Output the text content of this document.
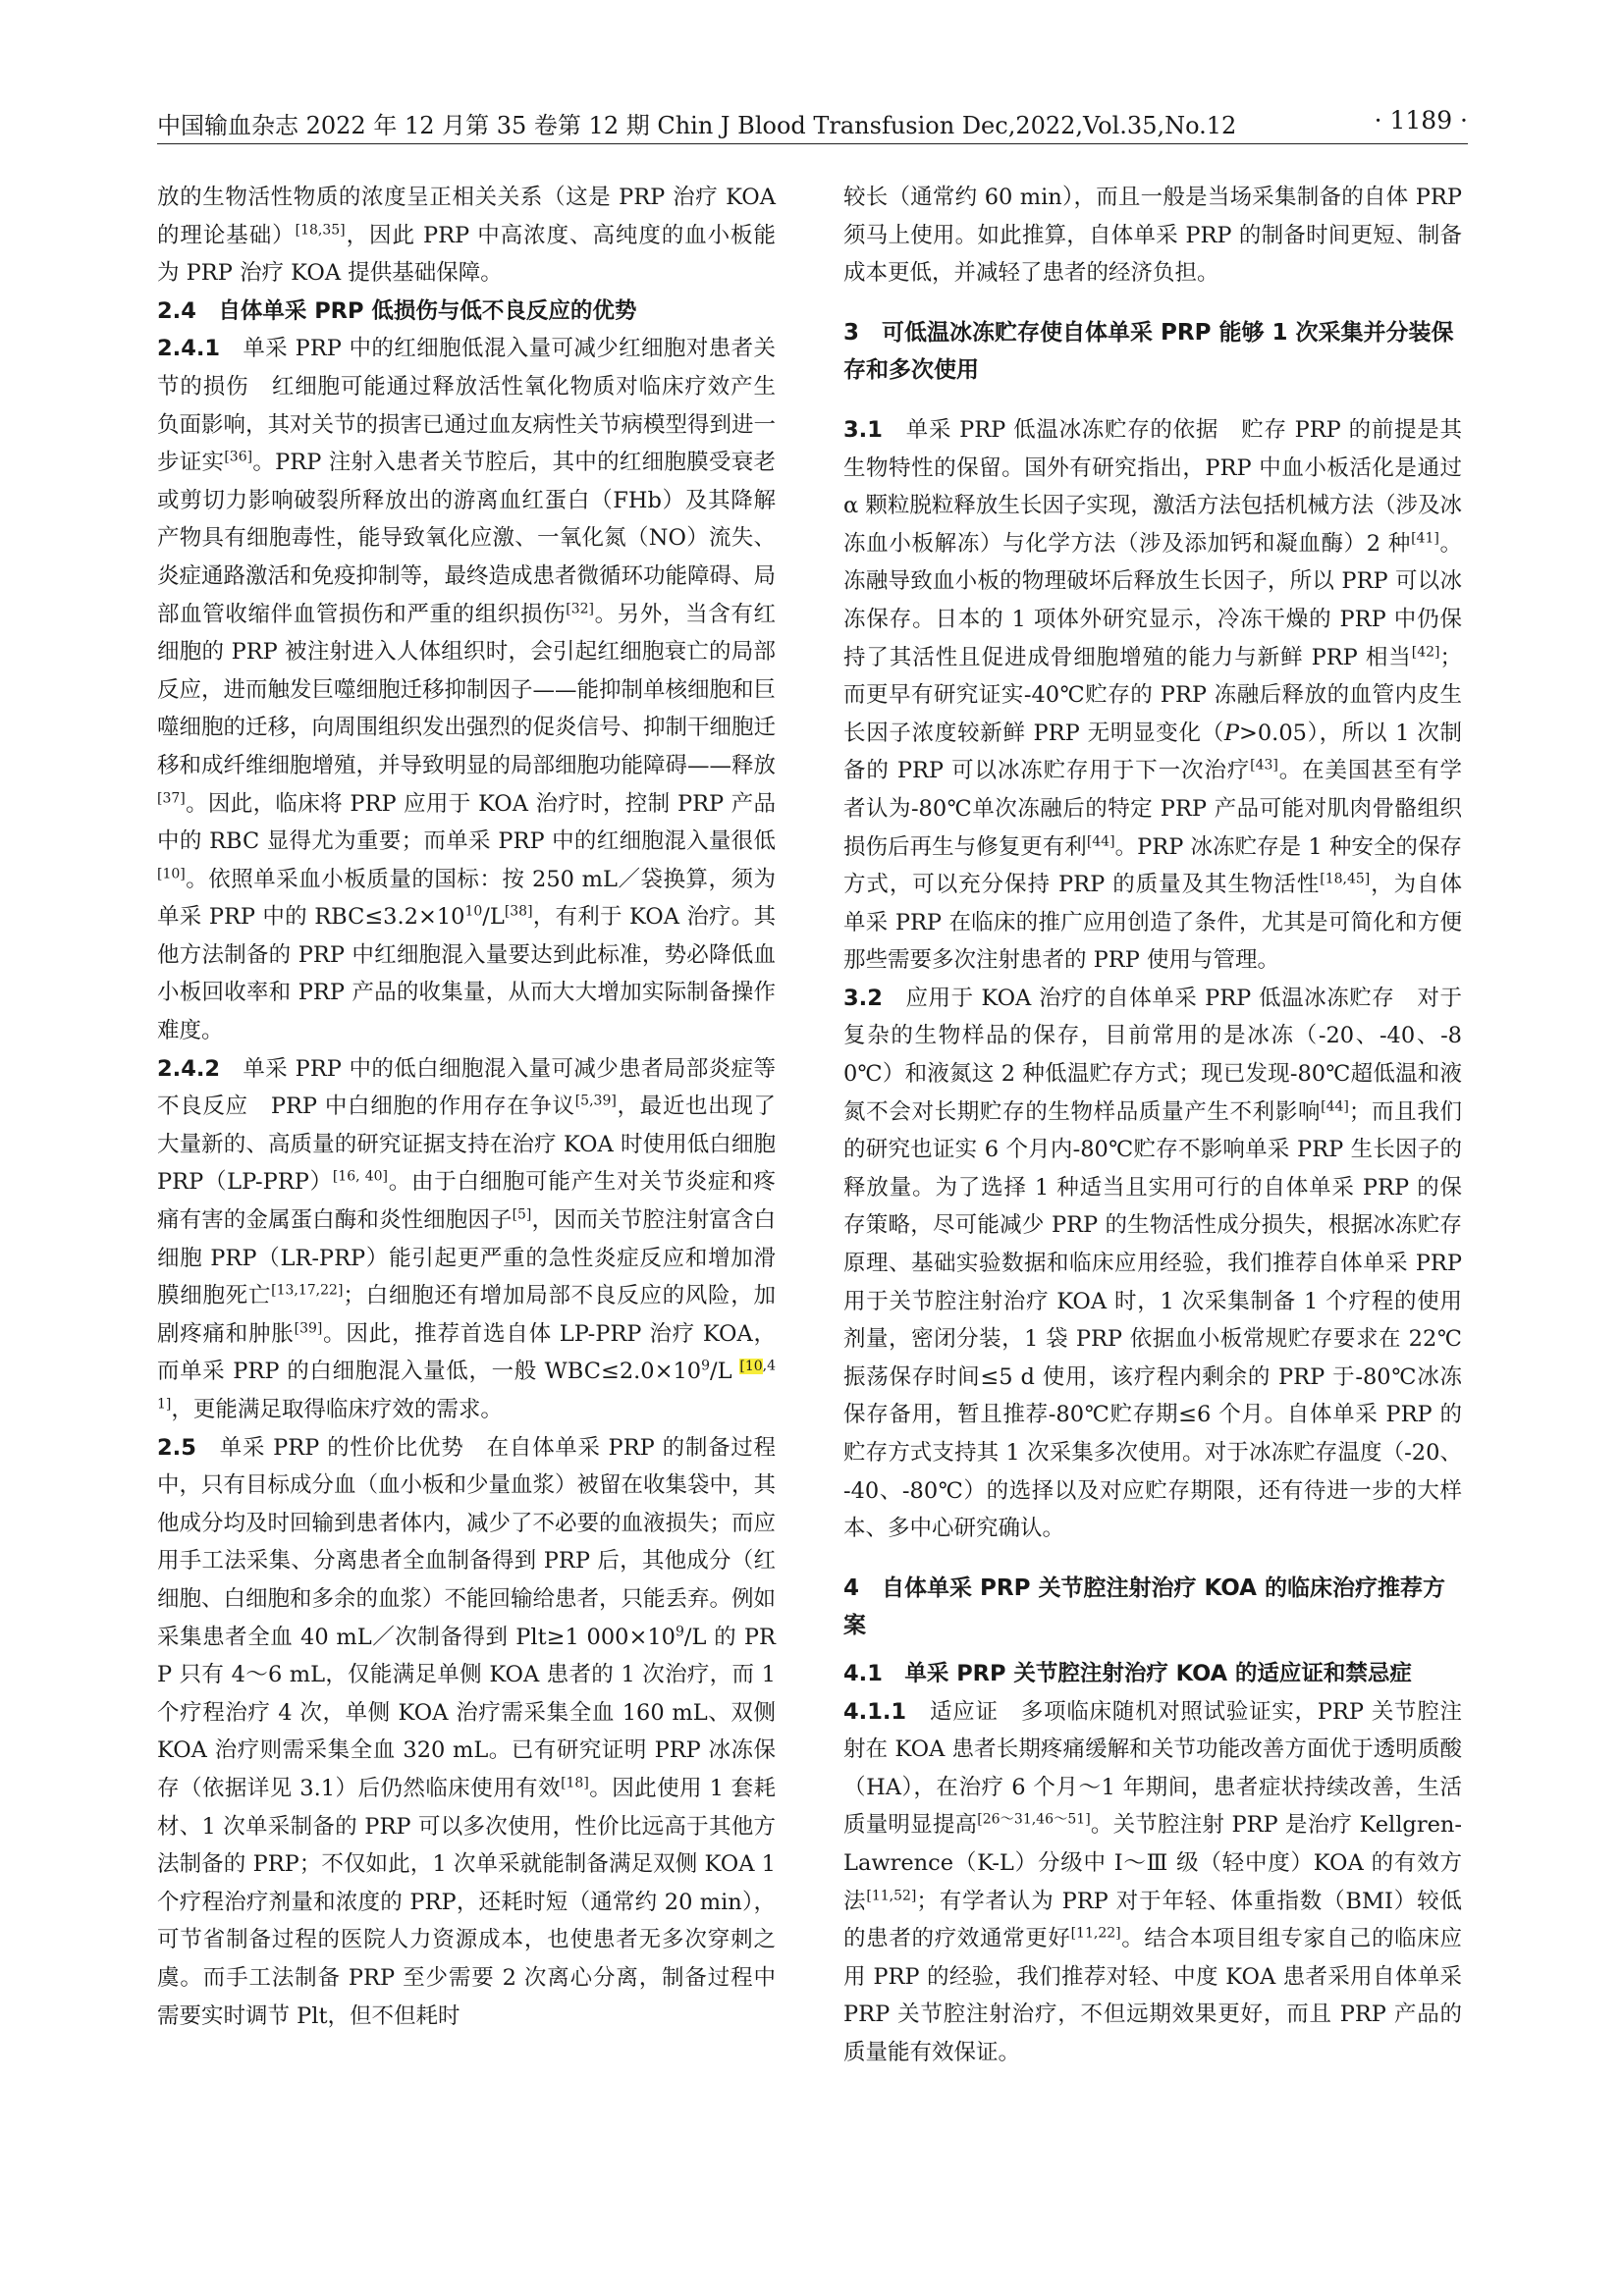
中国输血杂志 2022 年 12 月第 35 卷第 12 期 Chin J Blood Transfusion Dec,2022,Vol.35,No.12	· 1189 ·

放的生物活性物质的浓度呈正相关关系（这是 PRP 治疗 KOA 的理论基础）[18,35]，因此 PRP 中高浓度、高纯度的血小板能为 PRP 治疗 KOA 提供基础保障。

2.4　自体单采 PRP 低损伤与低不良反应的优势

2.4.1　单采 PRP 中的红细胞低混入量可减少红细胞对患者关节的损伤　红细胞可能通过释放活性氧化物质对临床疗效产生负面影响，其对关节的损害已通过血友病性关节病模型得到进一步证实[36]。PRP 注射入患者关节腔后，其中的红细胞膜受衰老或剪切力影响破裂所释放出的游离血红蛋白（FHb）及其降解产物具有细胞毒性，能导致氧化应激、一氧化氮（NO）流失、炎症通路激活和免疫抑制等，最终造成患者微循环功能障碍、局部血管收缩伴血管损伤和严重的组织损伤[32]。另外，当含有红细胞的 PRP 被注射进入人体组织时，会引起红细胞衰亡的局部反应，进而触发巨噬细胞迁移抑制因子——能抑制单核细胞和巨噬细胞的迁移，向周围组织发出强烈的促炎信号、抑制干细胞迁移和成纤维细胞增殖，并导致明显的局部细胞功能障碍——释放[37]。因此，临床将 PRP 应用于 KOA 治疗时，控制 PRP 产品中的 RBC 显得尤为重要；而单采 PRP 中的红细胞混入量很低[10]。依照单采血小板质量的国标：按 250 mL／袋换算，须为单采 PRP 中的 $RBC\le 3.2\times 10^{10}/L[38]$，有利于 KOA 治疗。其他方法制备的 PRP 中红细胞混入量要达到此标准，势必降低血小板回收率和 PRP 产品的收集量，从而大大增加实际制备操作难度。

2.4.2　单采 PRP 中的低白细胞混入量可减少患者局部炎症等不良反应　PRP 中白细胞的作用存在争议[5,39]，最近也出现了大量新的、高质量的研究证据支持在治疗 KOA 时使用低白细胞 PRP（LP-PRP）[16, 40]。由于白细胞可能产生对关节炎症和疼痛有害的金属蛋白酶和炎性细胞因子[5]，因而关节腔注射富含白细胞 PRP（LR-PRP）能引起更严重的急性炎症反应和增加滑膜细胞死亡[13,17,22]；白细胞还有增加局部不良反应的风险，加剧疼痛和肿胀[39]。因此，推荐首选自体 LP-PRP 治疗 KOA，而单采 PRP 的白细胞混入量低，一般 $WBC\le 2.0\times 10^9/L$ [10,41]，更能满足取得临床疗效的需求。

2.5　单采 PRP 的性价比优势　在自体单采 PRP 的制备过程中，只有目标成分血（血小板和少量血浆）被留在收集袋中，其他成分均及时回输到患者体内，减少了不必要的血液损失；而应用手工法采集、分离患者全血制备得到 PRP 后，其他成分（红细胞、白细胞和多余的血浆）不能回输给患者，只能丢弃。例如采集患者全血 40 mL／次制备得到 Plt≥1 $000\times 10^9/L$ 的 PRP 只有 4～6 mL，仅能满足单侧 KOA 患者的 1 次治疗，而 1 个疗程治疗 4 次，单侧 KOA 治疗需采集全血 160 mL、双侧 KOA 治疗则需采集全血 320 mL。已有研究证明 PRP 冰冻保存（依据详见 3.1）后仍然临床使用有效[18]。因此使用 1 套耗材、1 次单采制备的 PRP 可以多次使用，性价比远高于其他方法制备的 PRP；不仅如此，1 次单采就能制备满足双侧 KOA 1 个疗程治疗剂量和浓度的 PRP，还耗时短（通常约 20 min），可节省制备过程的医院人力资源成本，也使患者无多次穿刺之虞。而手工法制备 PRP 至少需要 2 次离心分离，制备过程中需要实时调节 Plt，但不但耗时

较长（通常约 60 min），而且一般是当场采集制备的自体 PRP 须马上使用。如此推算，自体单采 PRP 的制备时间更短、制备成本更低，并减轻了患者的经济负担。

3　可低温冰冻贮存使自体单采 PRP 能够 1 次采集并分装保存和多次使用

3.1　单采 PRP 低温冰冻贮存的依据　贮存 PRP 的前提是其生物特性的保留。国外有研究指出，PRP 中血小板活化是通过 α 颗粒脱粒释放生长因子实现，激活方法包括机械方法（涉及冰冻血小板解冻）与化学方法（涉及添加钙和凝血酶）2 种[41]。冻融导致血小板的物理破坏后释放生长因子，所以 PRP 可以冰冻保存。日本的 1 项体外研究显示，冷冻干燥的 PRP 中仍保持了其活性且促进成骨细胞增殖的能力与新鲜 PRP 相当[42]；而更早有研究证实-40℃贮存的 PRP 冻融后释放的血管内皮生长因子浓度较新鲜 PRP 无明显变化（P>0.05），所以 1 次制备的 PRP 可以冰冻贮存用于下一次治疗[43]。在美国甚至有学者认为-80℃单次冻融后的特定 PRP 产品可能对肌肉骨骼组织损伤后再生与修复更有利[44]。PRP 冰冻贮存是 1 种安全的保存方式，可以充分保持 PRP 的质量及其生物活性[18,45]，为自体单采 PRP 在临床的推广应用创造了条件，尤其是可简化和方便那些需要多次注射患者的 PRP 使用与管理。

3.2　应用于 KOA 治疗的自体单采 PRP 低温冰冻贮存　对于复杂的生物样品的保存，目前常用的是冰冻（-20、-40、-80℃）和液氮这 2 种低温贮存方式；现已发现-80℃超低温和液氮不会对长期贮存的生物样品质量产生不利影响[44]；而且我们的研究也证实 6 个月内-80℃贮存不影响单采 PRP 生长因子的释放量。为了选择 1 种适当且实用可行的自体单采 PRP 的保存策略，尽可能减少 PRP 的生物活性成分损失，根据冰冻贮存原理、基础实验数据和临床应用经验，我们推荐自体单采 PRP 用于关节腔注射治疗 KOA 时，1 次采集制备 1 个疗程的使用剂量，密闭分装，1 袋 PRP 依据血小板常规贮存要求在 22℃振荡保存时间≤5 d 使用，该疗程内剩余的 PRP 于-80℃冰冻保存备用，暂且推荐-80℃贮存期≤6 个月。自体单采 PRP 的贮存方式支持其 1 次采集多次使用。对于冰冻贮存温度（-20、-40、-80℃）的选择以及对应贮存期限，还有待进一步的大样本、多中心研究确认。

4　自体单采 PRP 关节腔注射治疗 KOA 的临床治疗推荐方案
4.1　单采 PRP 关节腔注射治疗 KOA 的适应证和禁忌症

4.1.1　适应证　多项临床随机对照试验证实，PRP 关节腔注射在 KOA 患者长期疼痛缓解和关节功能改善方面优于透明质酸（HA），在治疗 6 个月～1 年期间，患者症状持续改善，生活质量明显提高[26～31,46～51]。关节腔注射 PRP 是治疗 Kellgren-Lawrence（K-L）分级中 Ⅰ～Ⅲ 级（轻中度）KOA 的有效方法[11,52]；有学者认为 PRP 对于年轻、体重指数（BMI）较低的患者的疗效通常更好[11,22]。结合本项目组专家自己的临床应用 PRP 的经验，我们推荐对轻、中度 KOA 患者采用自体单采 PRP 关节腔注射治疗，不但远期效果更好，而且 PRP 产品的质量能有效保证。
